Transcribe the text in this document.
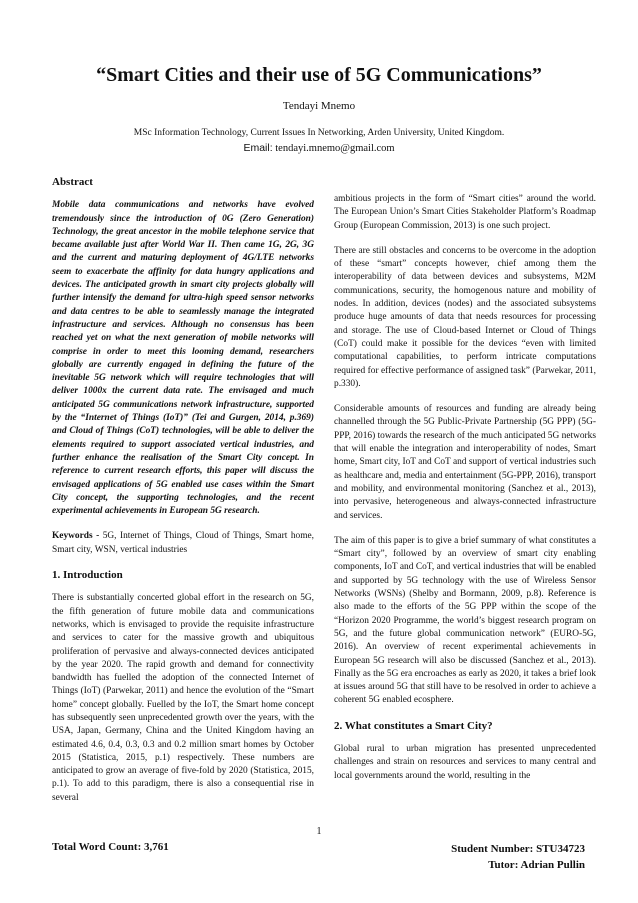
“Smart Cities and their use of 5G Communications”
Tendayi Mnemo
MSc Information Technology, Current Issues In Networking, Arden University, United Kingdom.
Email: tendayi.mnemo@gmail.com
Abstract

Mobile data communications and networks have evolved tremendously since the introduction of 0G (Zero Generation) Technology, the great ancestor in the mobile telephone service that became available just after World War II. Then came 1G, 2G, 3G and the current and maturing deployment of 4G/LTE networks seem to exacerbate the affinity for data hungry applications and devices. The anticipated growth in smart city projects globally will further intensify the demand for ultra-high speed sensor networks and data centres to be able to seamlessly manage the integrated infrastructure and services. Although no consensus has been reached yet on what the next generation of mobile networks will comprise in order to meet this looming demand, researchers globally are currently engaged in defining the future of the inevitable 5G network which will require technologies that will deliver 1000x the current data rate. The envisaged and much anticipated 5G communications network infrastructure, supported by the “Internet of Things (IoT)” (Tei and Gurgen, 2014, p.369) and Cloud of Things (CoT) technologies, will be able to deliver the elements required to support associated vertical industries, and further enhance the realisation of the Smart City concept. In reference to current research efforts, this paper will discuss the envisaged applications of 5G enabled use cases within the Smart City concept, the supporting technologies, and the recent experimental achievements in European 5G research.

Keywords - 5G, Internet of Things, Cloud of Things, Smart home, Smart city, WSN, vertical industries

1. Introduction

There is substantially concerted global effort in the research on 5G, the fifth generation of future mobile data and communications networks, which is envisaged to provide the requisite infrastructure and services to cater for the massive growth and ubiquitous proliferation of pervasive and always-connected devices anticipated by the year 2020. The rapid growth and demand for connectivity bandwidth has fuelled the adoption of the connected Internet of Things (IoT) (Parwekar, 2011) and hence the evolution of the “Smart home” concept globally. Fuelled by the IoT, the Smart home concept has subsequently seen unprecedented growth over the years, with the USA, Japan, Germany, China and the United Kingdom having an estimated 4.6, 0.4, 0.3, 0.3 and 0.2 million smart homes by October 2015 (Statistica, 2015, p.1) respectively. These numbers are anticipated to grow an average of five-fold by 2020 (Statistica, 2015, p.1). To add to this paradigm, there is also a consequential rise in several

ambitious projects in the form of “Smart cities” around the world. The European Union’s Smart Cities Stakeholder Platform’s Roadmap Group (European Commission, 2013) is one such project.

There are still obstacles and concerns to be overcome in the adoption of these “smart” concepts however, chief among them the interoperability of data between devices and subsystems, M2M communications, security, the homogenous nature and mobility of nodes. In addition, devices (nodes) and the associated subsystems produce huge amounts of data that needs resources for processing and storage. The use of Cloud-based Internet or Cloud of Things (CoT) could make it possible for the devices “even with limited computational capabilities, to perform intricate computations required for effective performance of assigned task” (Parwekar, 2011, p.330).

Considerable amounts of resources and funding are already being channelled through the 5G Public-Private Partnership (5G PPP) (5G-PPP, 2016) towards the research of the much anticipated 5G networks that will enable the integration and interoperability of nodes, Smart home, Smart city, IoT and CoT and support of vertical industries such as healthcare and, media and entertainment (5G-PPP, 2016), transport and mobility, and environmental monitoring (Sanchez et al., 2013), into pervasive, heterogeneous and always-connected infrastructure and services.

The aim of this paper is to give a brief summary of what constitutes a “Smart city”, followed by an overview of smart city enabling components, IoT and CoT, and vertical industries that will be enabled and supported by 5G technology with the use of Wireless Sensor Networks (WSNs) (Shelby and Bormann, 2009, p.8). Reference is also made to the efforts of the 5G PPP within the scope of the “Horizon 2020 Programme, the world’s biggest research program on 5G, and the future global communication network” (EURO-5G, 2016). An overview of recent experimental achievements in European 5G research will also be discussed (Sanchez et al., 2013). Finally as the 5G era encroaches as early as 2020, it takes a brief look at issues around 5G that still have to be resolved in order to achieve a coherent 5G enabled ecosphere.

2. What constitutes a Smart City?

Global rural to urban migration has presented unprecedented challenges and strain on resources and services to many central and local governments around the world, resulting in the

1
Total Word Count: 3,761	Student Number: STU34723
Tutor: Adrian Pullin
